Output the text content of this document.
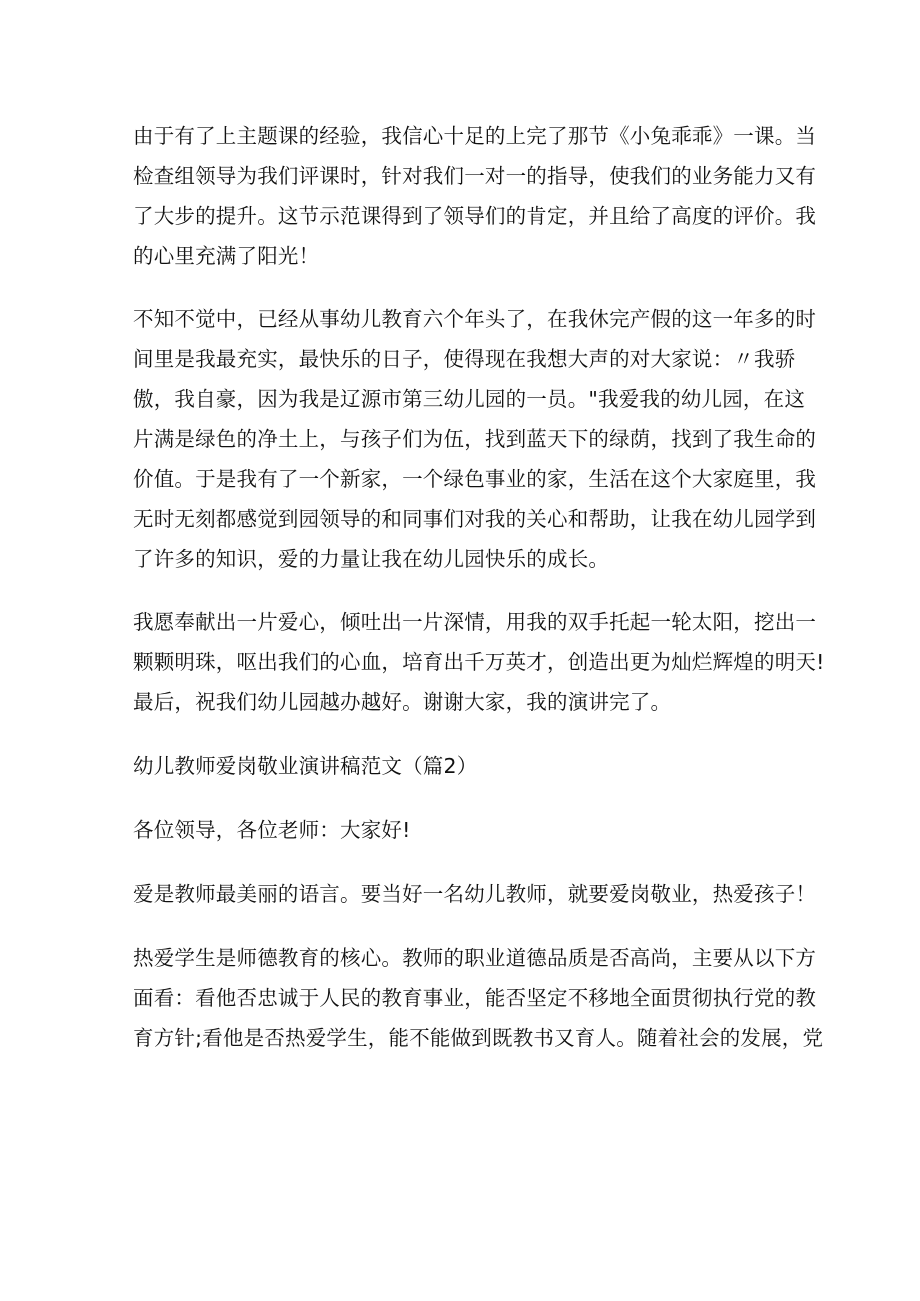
由于有了上主题课的经验，我信心十足的上完了那节《小兔乖乖》一课。当
检查组领导为我们评课时，针对我们一对一的指导，使我们的业务能力又有
了大步的提升。这节示范课得到了领导们的肯定，并且给了高度的评价。我
的心里充满了阳光！

不知不觉中，已经从事幼儿教育六个年头了，在我休完产假的这一年多的时
间里是我最充实，最快乐的日子，使得现在我想大声的对大家说：〃我骄
傲，我自豪，因为我是辽源市第三幼儿园的一员。"我爱我的幼儿园，在这
片满是绿色的净土上，与孩子们为伍，找到蓝天下的绿荫，找到了我生命的
价值。于是我有了一个新家，一个绿色事业的家，生活在这个大家庭里，我
无时无刻都感觉到园领导的和同事们对我的关心和帮助，让我在幼儿园学到
了许多的知识，爱的力量让我在幼儿园快乐的成长。

我愿奉献出一片爱心，倾吐出一片深情，用我的双手托起一轮太阳，挖出一
颗颗明珠，呕出我们的心血，培育出千万英才，创造出更为灿烂辉煌的明天!
最后，祝我们幼儿园越办越好。谢谢大家，我的演讲完了。

幼儿教师爱岗敬业演讲稿范文（篇2）

各位领导，各位老师：大家好!

爱是教师最美丽的语言。要当好一名幼儿教师，就要爱岗敬业，热爱孩子！

热爱学生是师德教育的核心。教师的职业道德品质是否高尚，主要从以下方
面看：看他否忠诚于人民的教育事业，能否坚定不移地全面贯彻执行党的教
育方针;看他是否热爱学生，能不能做到既教书又育人。随着社会的发展，党
